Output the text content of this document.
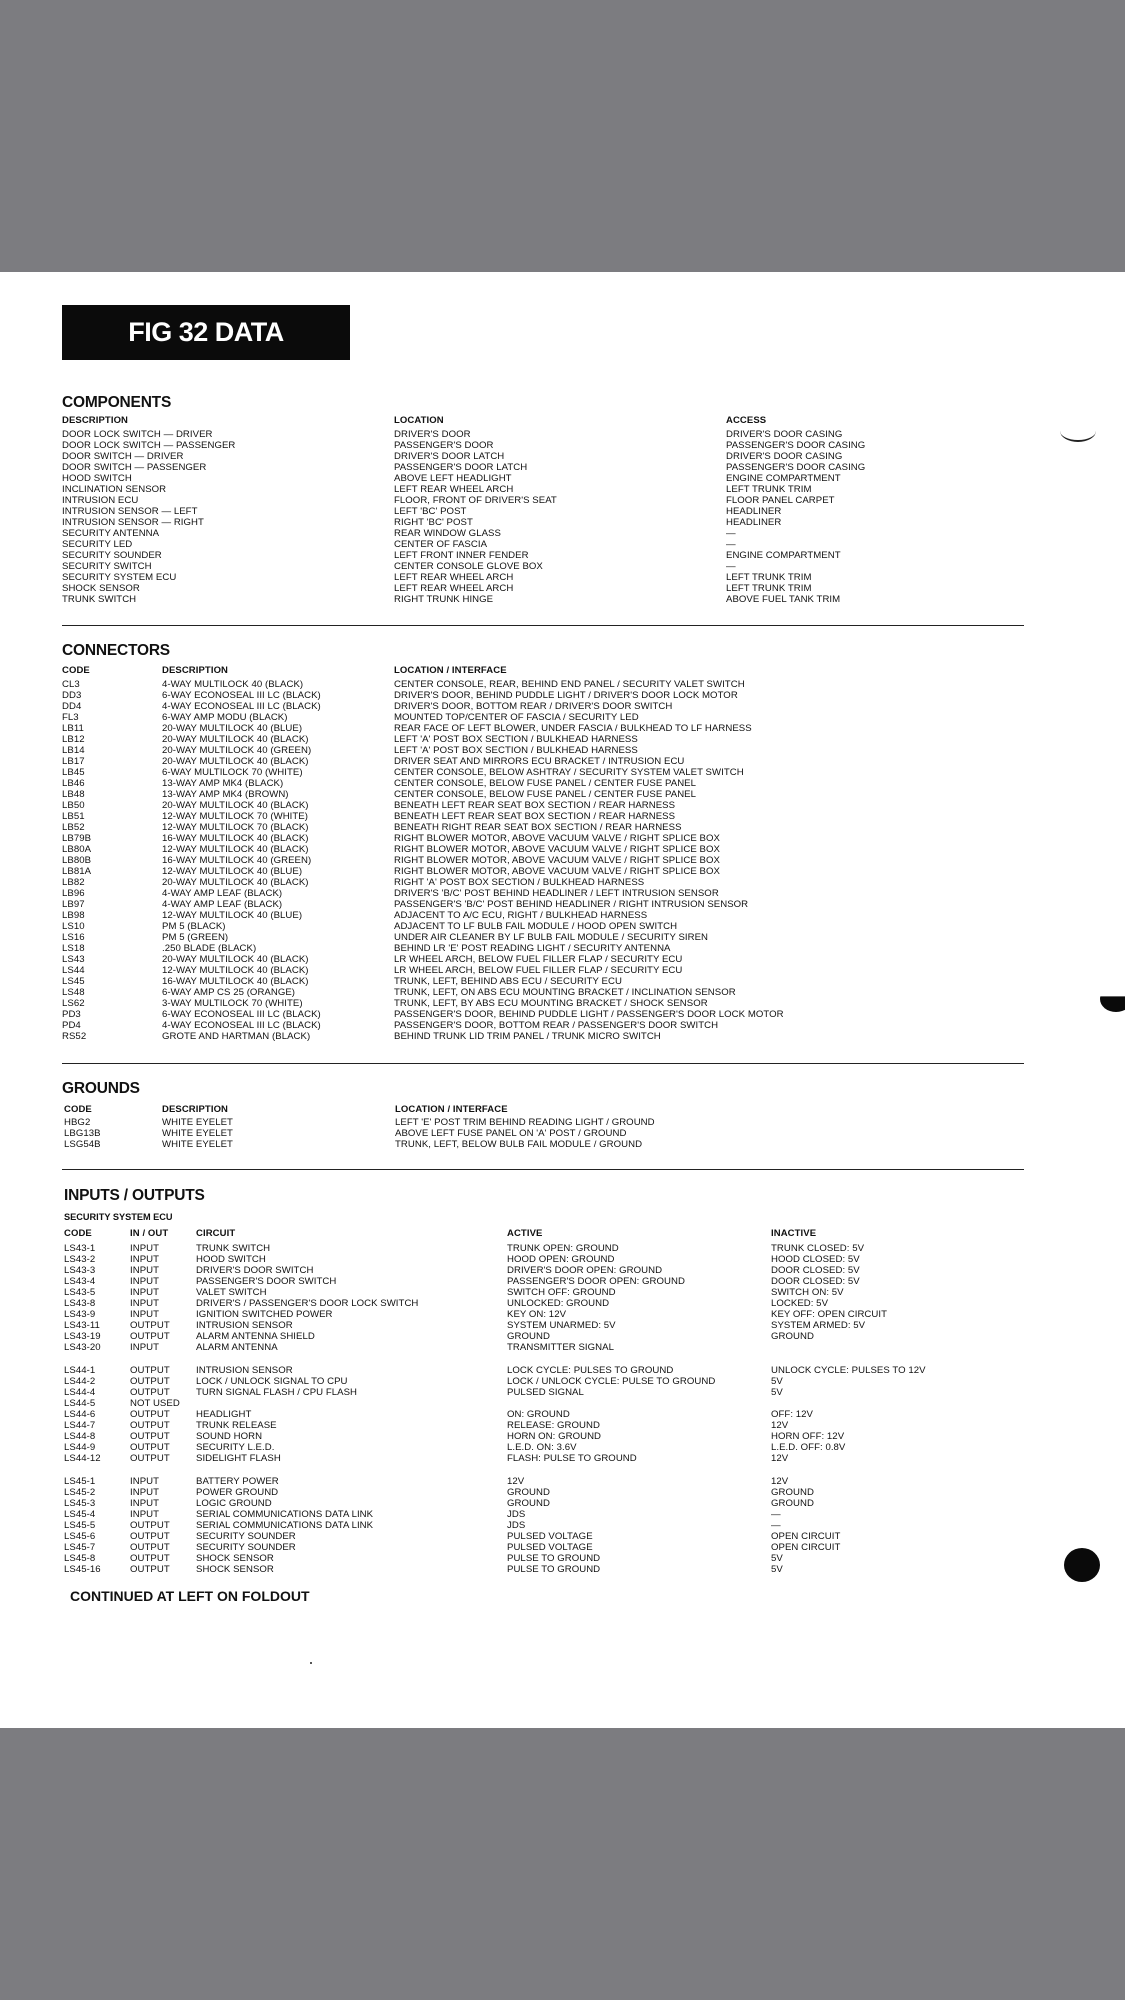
FIG 32 DATA
COMPONENTS
DESCRIPTION	LOCATION	ACCESS
DOOR LOCK SWITCH — DRIVER	DRIVER'S DOOR	DRIVER'S DOOR CASING
DOOR LOCK SWITCH — PASSENGER	PASSENGER'S DOOR	PASSENGER'S DOOR CASING
DOOR SWITCH — DRIVER	DRIVER'S DOOR LATCH	DRIVER'S DOOR CASING
DOOR SWITCH — PASSENGER	PASSENGER'S DOOR LATCH	PASSENGER'S DOOR CASING
HOOD SWITCH	ABOVE LEFT HEADLIGHT	ENGINE COMPARTMENT
INCLINATION SENSOR	LEFT REAR WHEEL ARCH	LEFT TRUNK TRIM
INTRUSION ECU	FLOOR, FRONT OF DRIVER'S SEAT	FLOOR PANEL CARPET
INTRUSION SENSOR — LEFT	LEFT 'BC' POST	HEADLINER
INTRUSION SENSOR — RIGHT	RIGHT 'BC' POST	HEADLINER
SECURITY ANTENNA	REAR WINDOW GLASS	—
SECURITY LED	CENTER OF FASCIA	—
SECURITY SOUNDER	LEFT FRONT INNER FENDER	ENGINE COMPARTMENT
SECURITY SWITCH	CENTER CONSOLE GLOVE BOX	—
SECURITY SYSTEM ECU	LEFT REAR WHEEL ARCH	LEFT TRUNK TRIM
SHOCK SENSOR	LEFT REAR WHEEL ARCH	LEFT TRUNK TRIM
TRUNK SWITCH	RIGHT TRUNK HINGE	ABOVE FUEL TANK TRIM
CONNECTORS
CODE	DESCRIPTION	LOCATION / INTERFACE
CL3	4-WAY MULTILOCK 40 (BLACK)	CENTER CONSOLE, REAR, BEHIND END PANEL / SECURITY VALET SWITCH
DD3	6-WAY ECONOSEAL III LC (BLACK)	DRIVER'S DOOR, BEHIND PUDDLE LIGHT / DRIVER'S DOOR LOCK MOTOR
DD4	4-WAY ECONOSEAL III LC (BLACK)	DRIVER'S DOOR, BOTTOM REAR / DRIVER'S DOOR SWITCH
FL3	6-WAY AMP MODU (BLACK)	MOUNTED TOP/CENTER OF FASCIA / SECURITY LED
LB11	20-WAY MULTILOCK 40 (BLUE)	REAR FACE OF LEFT BLOWER, UNDER FASCIA / BULKHEAD TO LF HARNESS
LB12	20-WAY MULTILOCK 40 (BLACK)	LEFT 'A' POST BOX SECTION / BULKHEAD HARNESS
LB14	20-WAY MULTILOCK 40 (GREEN)	LEFT 'A' POST BOX SECTION / BULKHEAD HARNESS
LB17	20-WAY MULTILOCK 40 (BLACK)	DRIVER SEAT AND MIRRORS ECU BRACKET / INTRUSION ECU
LB45	6-WAY MULTILOCK 70 (WHITE)	CENTER CONSOLE, BELOW ASHTRAY / SECURITY SYSTEM VALET SWITCH
LB46	13-WAY AMP MK4 (BLACK)	CENTER CONSOLE, BELOW FUSE PANEL / CENTER FUSE PANEL
LB48	13-WAY AMP MK4 (BROWN)	CENTER CONSOLE, BELOW FUSE PANEL / CENTER FUSE PANEL
LB50	20-WAY MULTILOCK 40 (BLACK)	BENEATH LEFT REAR SEAT BOX SECTION / REAR HARNESS
LB51	12-WAY MULTILOCK 70 (WHITE)	BENEATH LEFT REAR SEAT BOX SECTION / REAR HARNESS
LB52	12-WAY MULTILOCK 70 (BLACK)	BENEATH RIGHT REAR SEAT BOX SECTION / REAR HARNESS
LB79B	16-WAY MULTILOCK 40 (BLACK)	RIGHT BLOWER MOTOR, ABOVE VACUUM VALVE / RIGHT SPLICE BOX
LB80A	12-WAY MULTILOCK 40 (BLACK)	RIGHT BLOWER MOTOR, ABOVE VACUUM VALVE / RIGHT SPLICE BOX
LB80B	16-WAY MULTILOCK 40 (GREEN)	RIGHT BLOWER MOTOR, ABOVE VACUUM VALVE / RIGHT SPLICE BOX
LB81A	12-WAY MULTILOCK 40 (BLUE)	RIGHT BLOWER MOTOR, ABOVE VACUUM VALVE / RIGHT SPLICE BOX
LB82	20-WAY MULTILOCK 40 (BLACK)	RIGHT 'A' POST BOX SECTION / BULKHEAD HARNESS
LB96	4-WAY AMP LEAF (BLACK)	DRIVER'S 'B/C' POST BEHIND HEADLINER / LEFT INTRUSION SENSOR
LB97	4-WAY AMP LEAF (BLACK)	PASSENGER'S 'B/C' POST BEHIND HEADLINER / RIGHT INTRUSION SENSOR
LB98	12-WAY MULTILOCK 40 (BLUE)	ADJACENT TO A/C ECU, RIGHT / BULKHEAD HARNESS
LS10	PM 5 (BLACK)	ADJACENT TO LF BULB FAIL MODULE / HOOD OPEN SWITCH
LS16	PM 5 (GREEN)	UNDER AIR CLEANER BY LF BULB FAIL MODULE / SECURITY SIREN
LS18	.250 BLADE (BLACK)	BEHIND LR 'E' POST READING LIGHT / SECURITY ANTENNA
LS43	20-WAY MULTILOCK 40 (BLACK)	LR WHEEL ARCH, BELOW FUEL FILLER FLAP / SECURITY ECU
LS44	12-WAY MULTILOCK 40 (BLACK)	LR WHEEL ARCH, BELOW FUEL FILLER FLAP / SECURITY ECU
LS45	16-WAY MULTILOCK 40 (BLACK)	TRUNK, LEFT, BEHIND ABS ECU / SECURITY ECU
LS48	6-WAY AMP CS 25 (ORANGE)	TRUNK, LEFT, ON ABS ECU MOUNTING BRACKET / INCLINATION SENSOR
LS62	3-WAY MULTILOCK 70 (WHITE)	TRUNK, LEFT, BY ABS ECU MOUNTING BRACKET / SHOCK SENSOR
PD3	6-WAY ECONOSEAL III LC (BLACK)	PASSENGER'S DOOR, BEHIND PUDDLE LIGHT / PASSENGER'S DOOR LOCK MOTOR
PD4	4-WAY ECONOSEAL III LC (BLACK)	PASSENGER'S DOOR, BOTTOM REAR / PASSENGER'S DOOR SWITCH
RS52	GROTE AND HARTMAN (BLACK)	BEHIND TRUNK LID TRIM PANEL / TRUNK MICRO SWITCH
GROUNDS
CODE	DESCRIPTION	LOCATION / INTERFACE
HBG2	WHITE EYELET	LEFT 'E' POST TRIM BEHIND READING LIGHT / GROUND
LBG13B	WHITE EYELET	ABOVE LEFT FUSE PANEL ON 'A' POST / GROUND
LSG54B	WHITE EYELET	TRUNK, LEFT, BELOW BULB FAIL MODULE / GROUND
INPUTS / OUTPUTS
SECURITY SYSTEM ECU
CODE	IN / OUT	CIRCUIT	ACTIVE	INACTIVE
LS43-1	INPUT	TRUNK SWITCH	TRUNK OPEN: GROUND	TRUNK CLOSED: 5V
LS43-2	INPUT	HOOD SWITCH	HOOD OPEN: GROUND	HOOD CLOSED: 5V
LS43-3	INPUT	DRIVER'S DOOR SWITCH	DRIVER'S DOOR OPEN: GROUND	DOOR CLOSED: 5V
LS43-4	INPUT	PASSENGER'S DOOR SWITCH	PASSENGER'S DOOR OPEN: GROUND	DOOR CLOSED: 5V
LS43-5	INPUT	VALET SWITCH	SWITCH OFF: GROUND	SWITCH ON: 5V
LS43-8	INPUT	DRIVER'S / PASSENGER'S DOOR LOCK SWITCH	UNLOCKED: GROUND	LOCKED: 5V
LS43-9	INPUT	IGNITION SWITCHED POWER	KEY ON: 12V	KEY OFF: OPEN CIRCUIT
LS43-11	OUTPUT	INTRUSION SENSOR	SYSTEM UNARMED: 5V	SYSTEM ARMED: 5V
LS43-19	OUTPUT	ALARM ANTENNA SHIELD	GROUND	GROUND
LS43-20	INPUT	ALARM ANTENNA	TRANSMITTER SIGNAL
LS44-1	OUTPUT	INTRUSION SENSOR	LOCK CYCLE: PULSES TO GROUND	UNLOCK CYCLE: PULSES TO 12V
LS44-2	OUTPUT	LOCK / UNLOCK SIGNAL TO CPU	LOCK / UNLOCK CYCLE: PULSE TO GROUND	5V
LS44-4	OUTPUT	TURN SIGNAL FLASH / CPU FLASH	PULSED SIGNAL	5V
LS44-5	NOT USED
LS44-6	OUTPUT	HEADLIGHT	ON: GROUND	OFF: 12V
LS44-7	OUTPUT	TRUNK RELEASE	RELEASE: GROUND	12V
LS44-8	OUTPUT	SOUND HORN	HORN ON: GROUND	HORN OFF: 12V
LS44-9	OUTPUT	SECURITY L.E.D.	L.E.D. ON: 3.6V	L.E.D. OFF: 0.8V
LS44-12	OUTPUT	SIDELIGHT FLASH	FLASH: PULSE TO GROUND	12V
LS45-1	INPUT	BATTERY POWER	12V	12V
LS45-2	INPUT	POWER GROUND	GROUND	GROUND
LS45-3	INPUT	LOGIC GROUND	GROUND	GROUND
LS45-4	INPUT	SERIAL COMMUNICATIONS DATA LINK	JDS	—
LS45-5	OUTPUT	SERIAL COMMUNICATIONS DATA LINK	JDS	—
LS45-6	OUTPUT	SECURITY SOUNDER	PULSED VOLTAGE	OPEN CIRCUIT
LS45-7	OUTPUT	SECURITY SOUNDER	PULSED VOLTAGE	OPEN CIRCUIT
LS45-8	OUTPUT	SHOCK SENSOR	PULSE TO GROUND	5V
LS45-16	OUTPUT	SHOCK SENSOR	PULSE TO GROUND	5V
CONTINUED AT LEFT ON FOLDOUT
